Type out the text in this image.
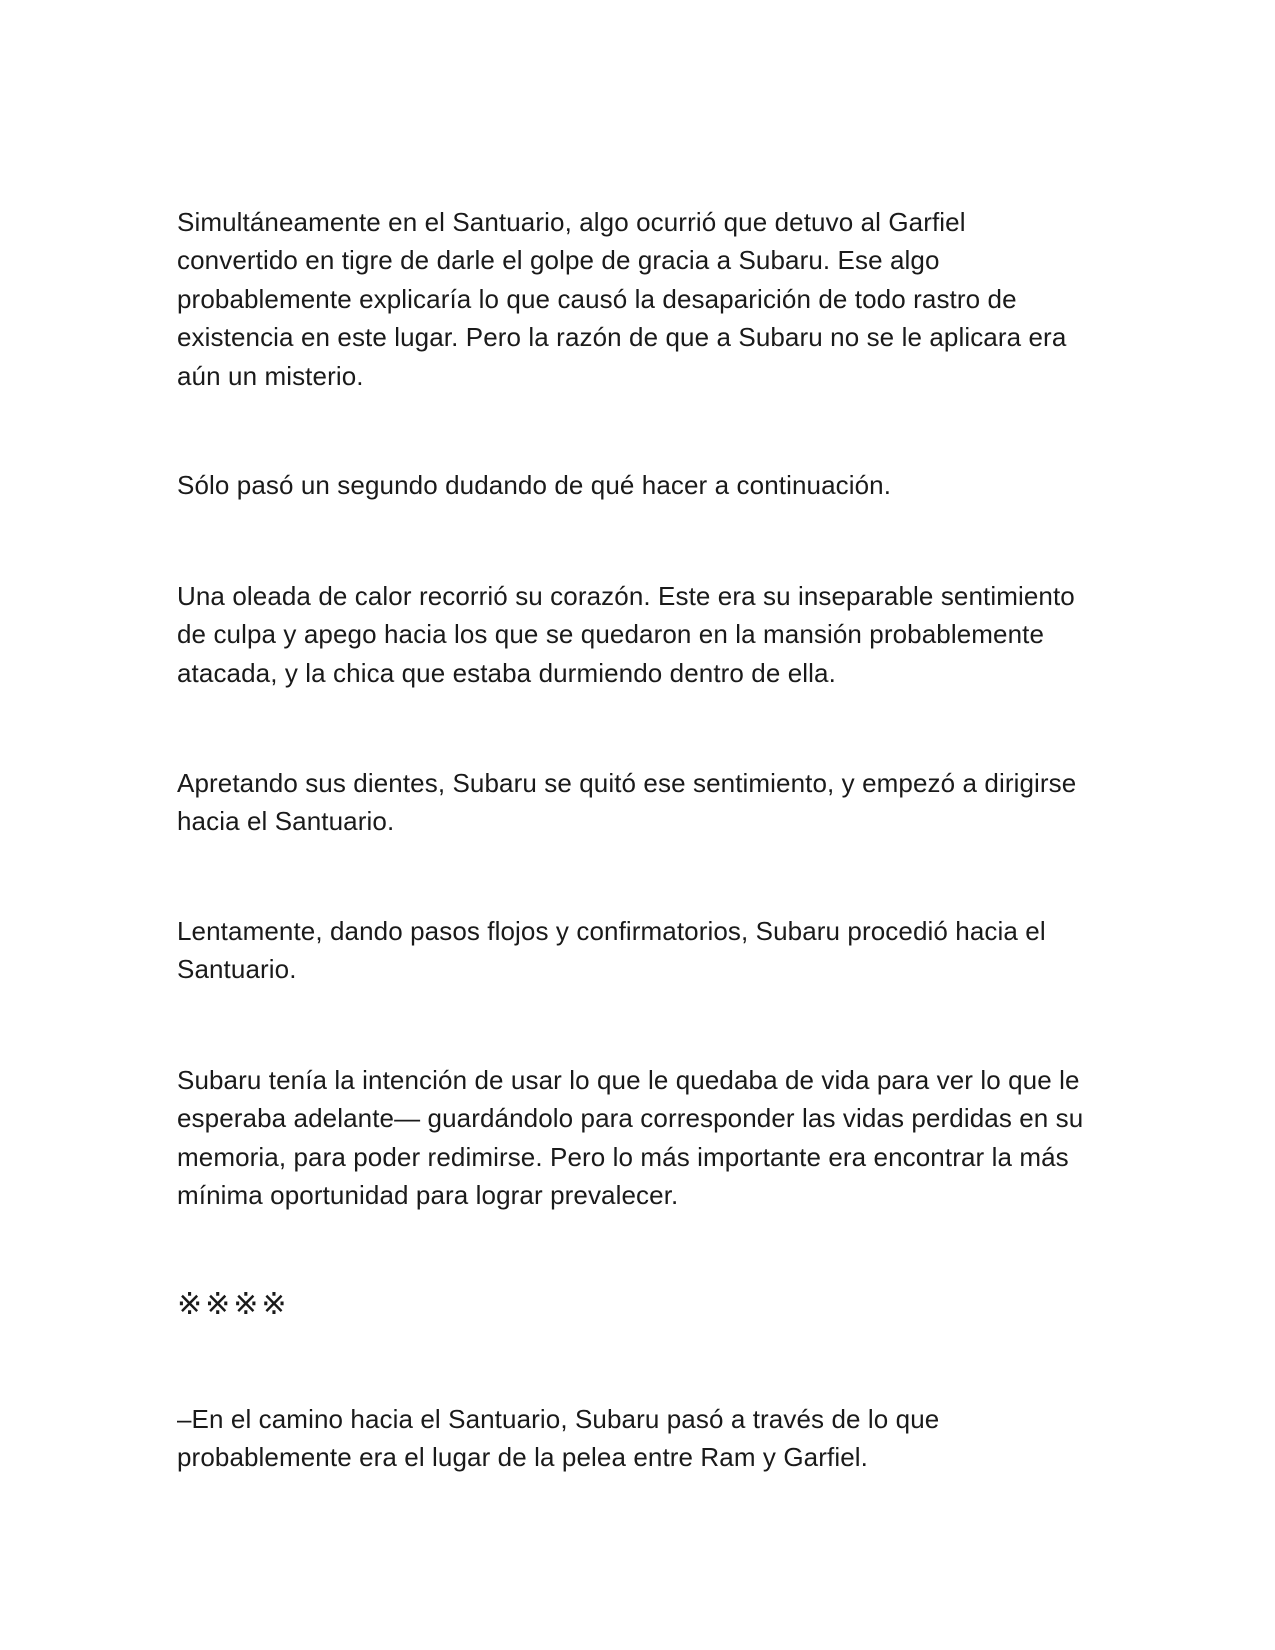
Simultáneamente en el Santuario, algo ocurrió que detuvo al Garfiel
convertido en tigre de darle el golpe de gracia a Subaru. Ese algo
probablemente explicaría lo que causó la desaparición de todo rastro de
existencia en este lugar. Pero la razón de que a Subaru no se le aplicara era
aún un misterio.

Sólo pasó un segundo dudando de qué hacer a continuación.

Una oleada de calor recorrió su corazón. Este era su inseparable sentimiento
de culpa y apego hacia los que se quedaron en la mansión probablemente
atacada, y la chica que estaba durmiendo dentro de ella.

Apretando sus dientes, Subaru se quitó ese sentimiento, y empezó a dirigirse
hacia el Santuario.

Lentamente, dando pasos flojos y confirmatorios, Subaru procedió hacia el
Santuario.

Subaru tenía la intención de usar lo que le quedaba de vida para ver lo que le
esperaba adelante— guardándolo para corresponder las vidas perdidas en su
memoria, para poder redimirse. Pero lo más importante era encontrar la más
mínima oportunidad para lograr prevalecer.

※※※※

–En el camino hacia el Santuario, Subaru pasó a través de lo que
probablemente era el lugar de la pelea entre Ram y Garfiel.
